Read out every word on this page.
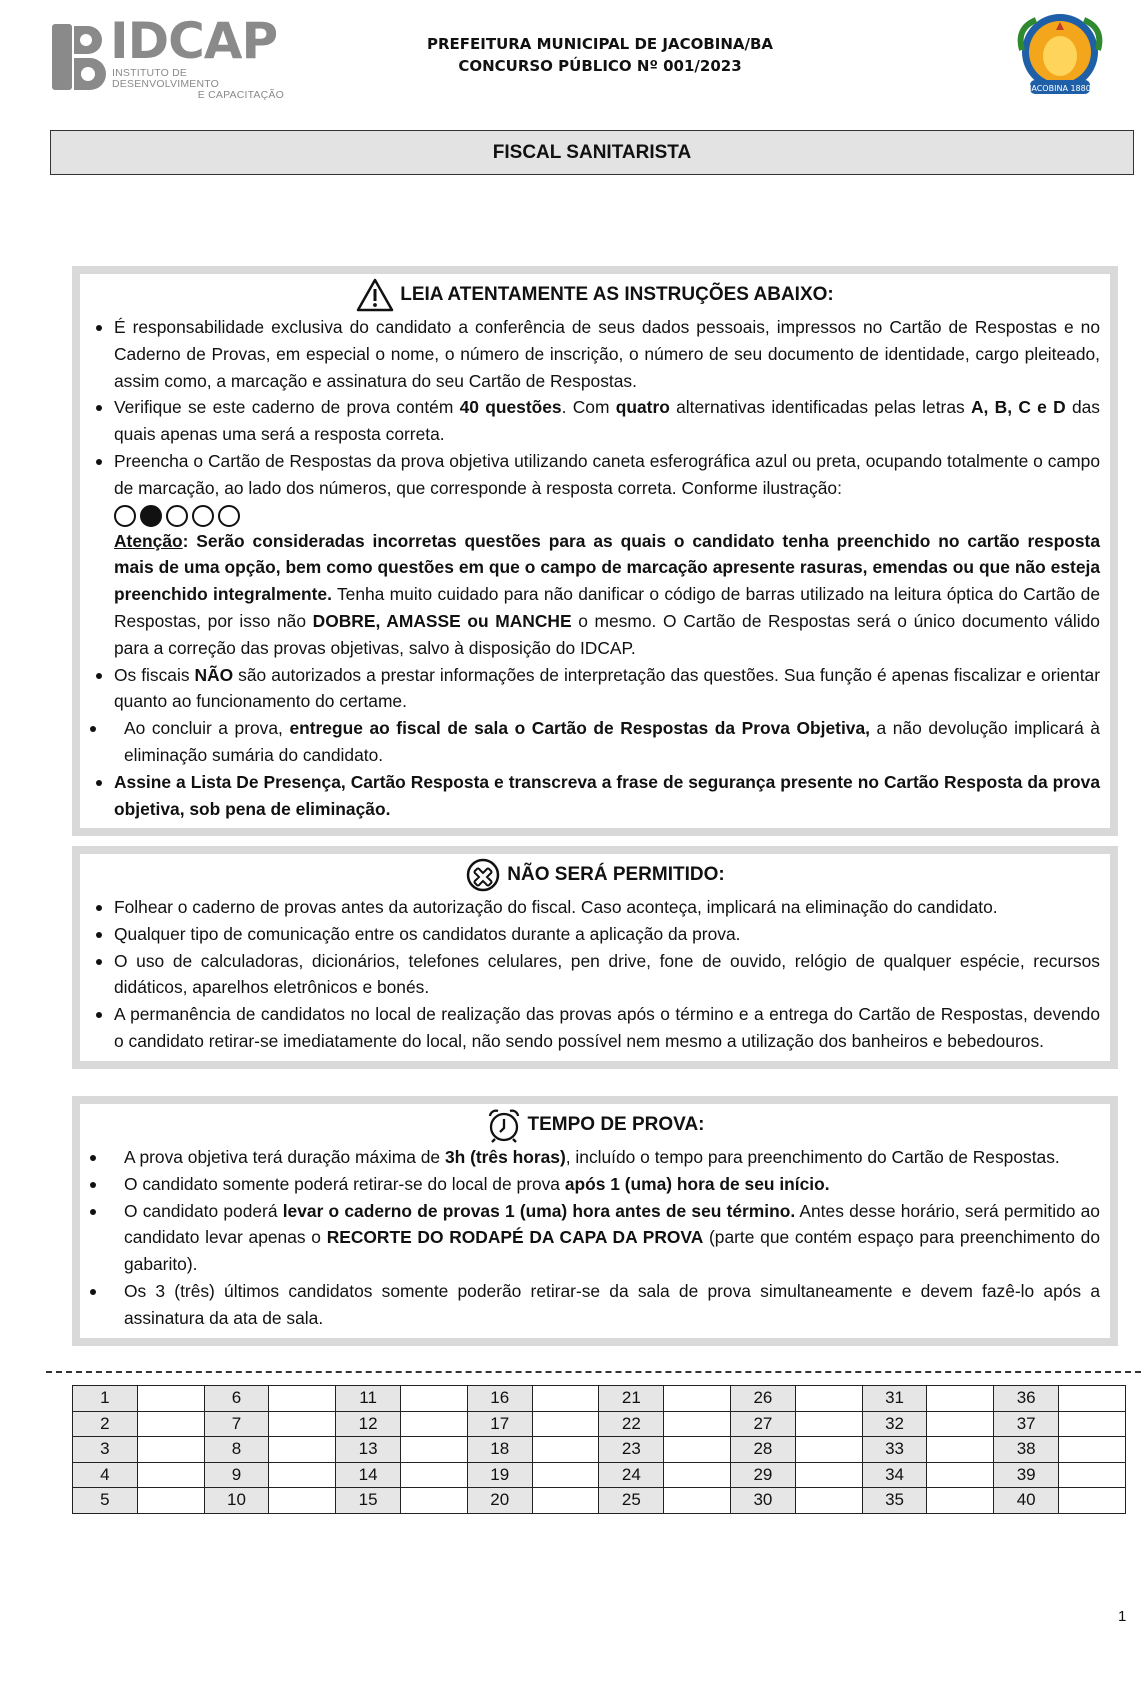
IDCAP
INSTITUTO DE DESENVOLVIMENTO
E CAPACITAÇÃO
PREFEITURA MUNICIPAL DE JACOBINA/BA
CONCURSO PÚBLICO Nº 001/2023
JACOBINA 1880
FISCAL SANITARISTA
LEIA ATENTAMENTE AS INSTRUÇÕES ABAIXO:
É responsabilidade exclusiva do candidato a conferência de seus dados pessoais, impressos no Cartão de Respostas e no Caderno de Provas, em especial o nome, o número de inscrição, o número de seu documento de identidade, cargo pleiteado, assim como, a marcação e assinatura do seu Cartão de Respostas.
Verifique se este caderno de prova contém 40 questões. Com quatro alternativas identificadas pelas letras A, B, C e D das quais apenas uma será a resposta correta.
Preencha o Cartão de Respostas da prova objetiva utilizando caneta esferográfica azul ou preta, ocupando totalmente o campo de marcação, ao lado dos números, que corresponde à resposta correta. Conforme ilustração:
Atenção: Serão consideradas incorretas questões para as quais o candidato tenha preenchido no cartão resposta mais de uma opção, bem como questões em que o campo de marcação apresente rasuras, emendas ou que não esteja preenchido integralmente. Tenha muito cuidado para não danificar o código de barras utilizado na leitura óptica do Cartão de Respostas, por isso não DOBRE, AMASSE ou MANCHE o mesmo. O Cartão de Respostas será o único documento válido para a correção das provas objetivas, salvo à disposição do IDCAP.
Os fiscais NÃO são autorizados a prestar informações de interpretação das questões. Sua função é apenas fiscalizar e orientar quanto ao funcionamento do certame.
Ao concluir a prova, entregue ao fiscal de sala o Cartão de Respostas da Prova Objetiva, a não devolução implicará à eliminação sumária do candidato.
Assine a Lista De Presença, Cartão Resposta e transcreva a frase de segurança presente no Cartão Resposta da prova objetiva, sob pena de eliminação.
NÃO SERÁ PERMITIDO:
Folhear o caderno de provas antes da autorização do fiscal. Caso aconteça, implicará na eliminação do candidato.
Qualquer tipo de comunicação entre os candidatos durante a aplicação da prova.
O uso de calculadoras, dicionários, telefones celulares, pen drive, fone de ouvido, relógio de qualquer espécie, recursos didáticos, aparelhos eletrônicos e bonés.
A permanência de candidatos no local de realização das provas após o término e a entrega do Cartão de Respostas, devendo o candidato retirar-se imediatamente do local, não sendo possível nem mesmo a utilização dos banheiros e bebedouros.
TEMPO DE PROVA:
A prova objetiva terá duração máxima de 3h (três horas), incluído o tempo para preenchimento do Cartão de Respostas.
O candidato somente poderá retirar-se do local de prova após 1 (uma) hora de seu início.
O candidato poderá levar o caderno de provas 1 (uma) hora antes de seu término. Antes desse horário, será permitido ao candidato levar apenas o RECORTE DO RODAPÉ DA CAPA DA PROVA (parte que contém espaço para preenchimento do gabarito).
Os 3 (três) últimos candidatos somente poderão retirar-se da sala de prova simultaneamente e devem fazê-lo após a assinatura da ata de sala.
1		6		11		16		21		26		31		36	
2		7		12		17		22		27		32		37	
3		8		13		18		23		28		33		38	
4		9		14		19		24		29		34		39	
5		10		15		20		25		30		35		40	
1
